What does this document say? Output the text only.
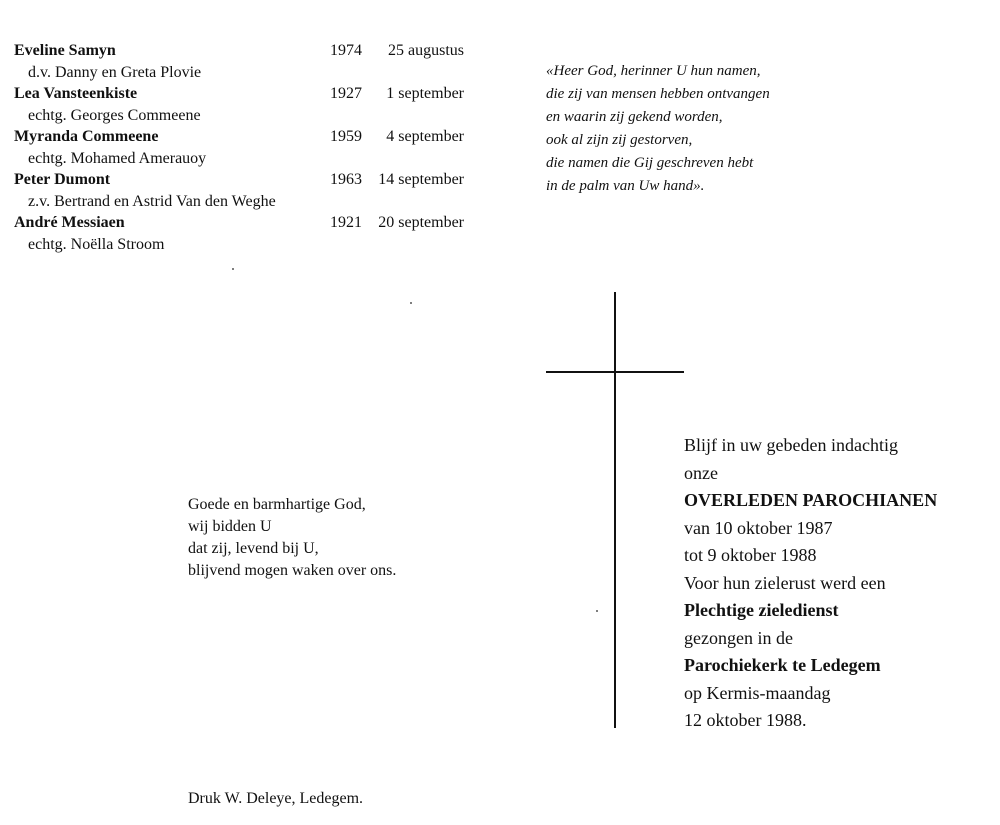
Eveline Samyn	1974 25 augustus
d.v. Danny en Greta Plovie
Lea Vansteenkiste	1927 1 september
echtg. Georges Commeene
Myranda Commeene	1959 4 september
echtg. Mohamed Amerauoy
Peter Dumont	1963 14 september
z.v. Bertrand en Astrid Van den Weghe
André Messiaen	1921 20 september
echtg. Noëlla Stroom
«Heer God, herinner U hun namen,
die zij van mensen hebben ontvangen
en waarin zij gekend worden,
ook al zijn zij gestorven,
die namen die Gij geschreven hebt
in de palm van Uw hand».
Goede en barmhartige God,
wij bidden U
dat zij, levend bij U,
blijvend mogen waken over ons.
Blijf in uw gebeden indachtig
onze
OVERLEDEN PAROCHIANEN
van 10 oktober 1987
tot 9 oktober 1988
Voor hun zielerust werd een
Plechtige zieledienst
gezongen in de
Parochiekerk te Ledegem
op Kermis-maandag
12 oktober 1988.
Druk W. Deleye, Ledegem.
